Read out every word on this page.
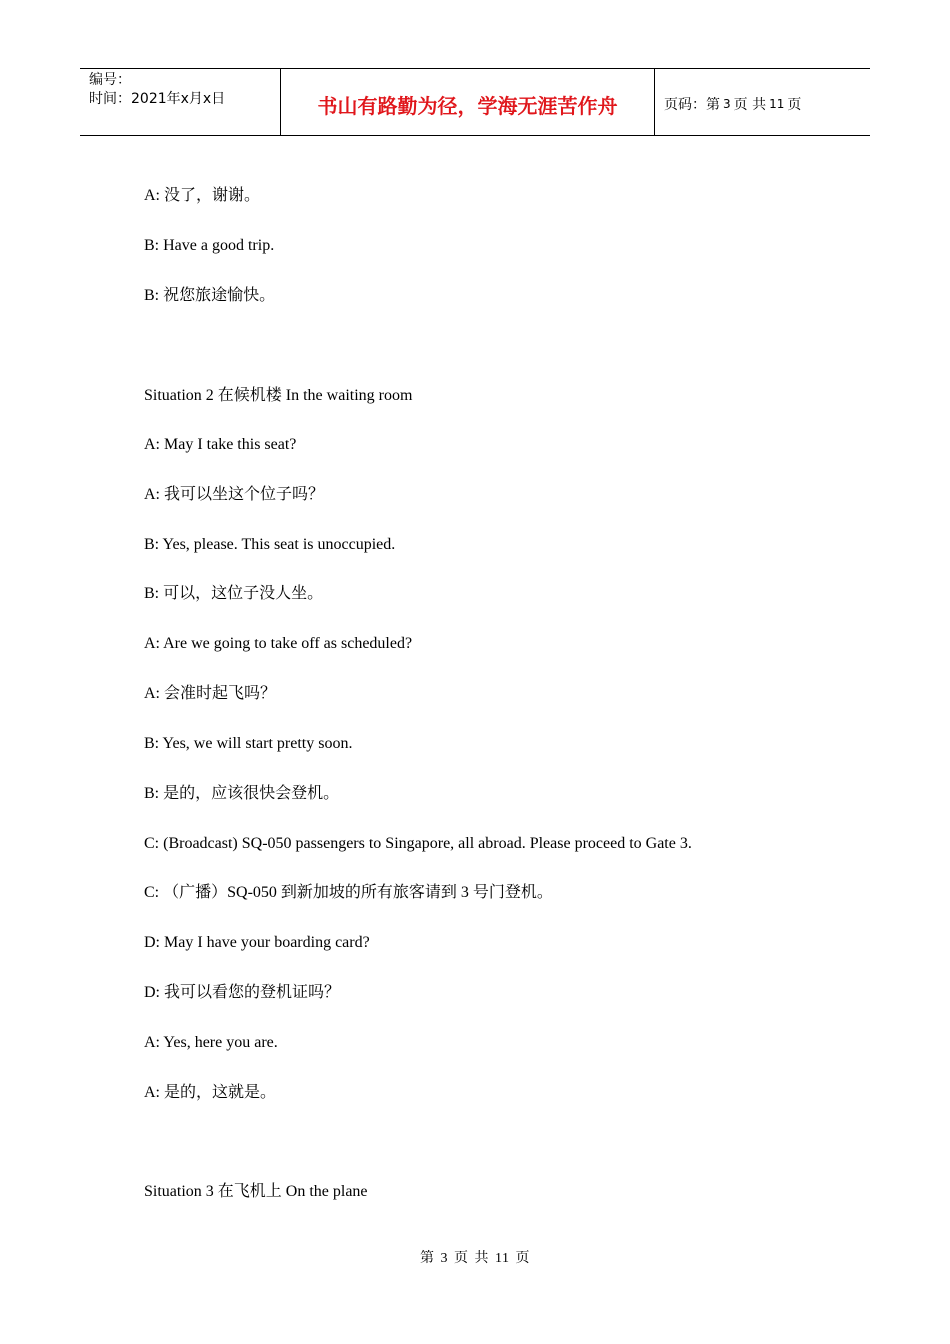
编号：
时间：2021年x月x日	书山有路勤为径，学海无涯苦作舟	页码：第 3 页 共 11 页
A: 没了，谢谢。
B: Have a good trip.
B: 祝您旅途愉快。
Situation 2 在候机楼 In the waiting room
A: May I take this seat?
A: 我可以坐这个位子吗？
B: Yes, please. This seat is unoccupied.
B: 可以，这位子没人坐。
A: Are we going to take off as scheduled?
A: 会准时起飞吗？
B: Yes, we will start pretty soon.
B: 是的，应该很快会登机。
C: (Broadcast) SQ-050 passengers to Singapore, all abroad. Please proceed to Gate 3.
C: （广播）SQ-050 到新加坡的所有旅客请到 3 号门登机。
D: May I have your boarding card?
D: 我可以看您的登机证吗？
A: Yes, here you are.
A: 是的，这就是。
Situation 3 在飞机上 On the plane
第 3 页 共 11 页
